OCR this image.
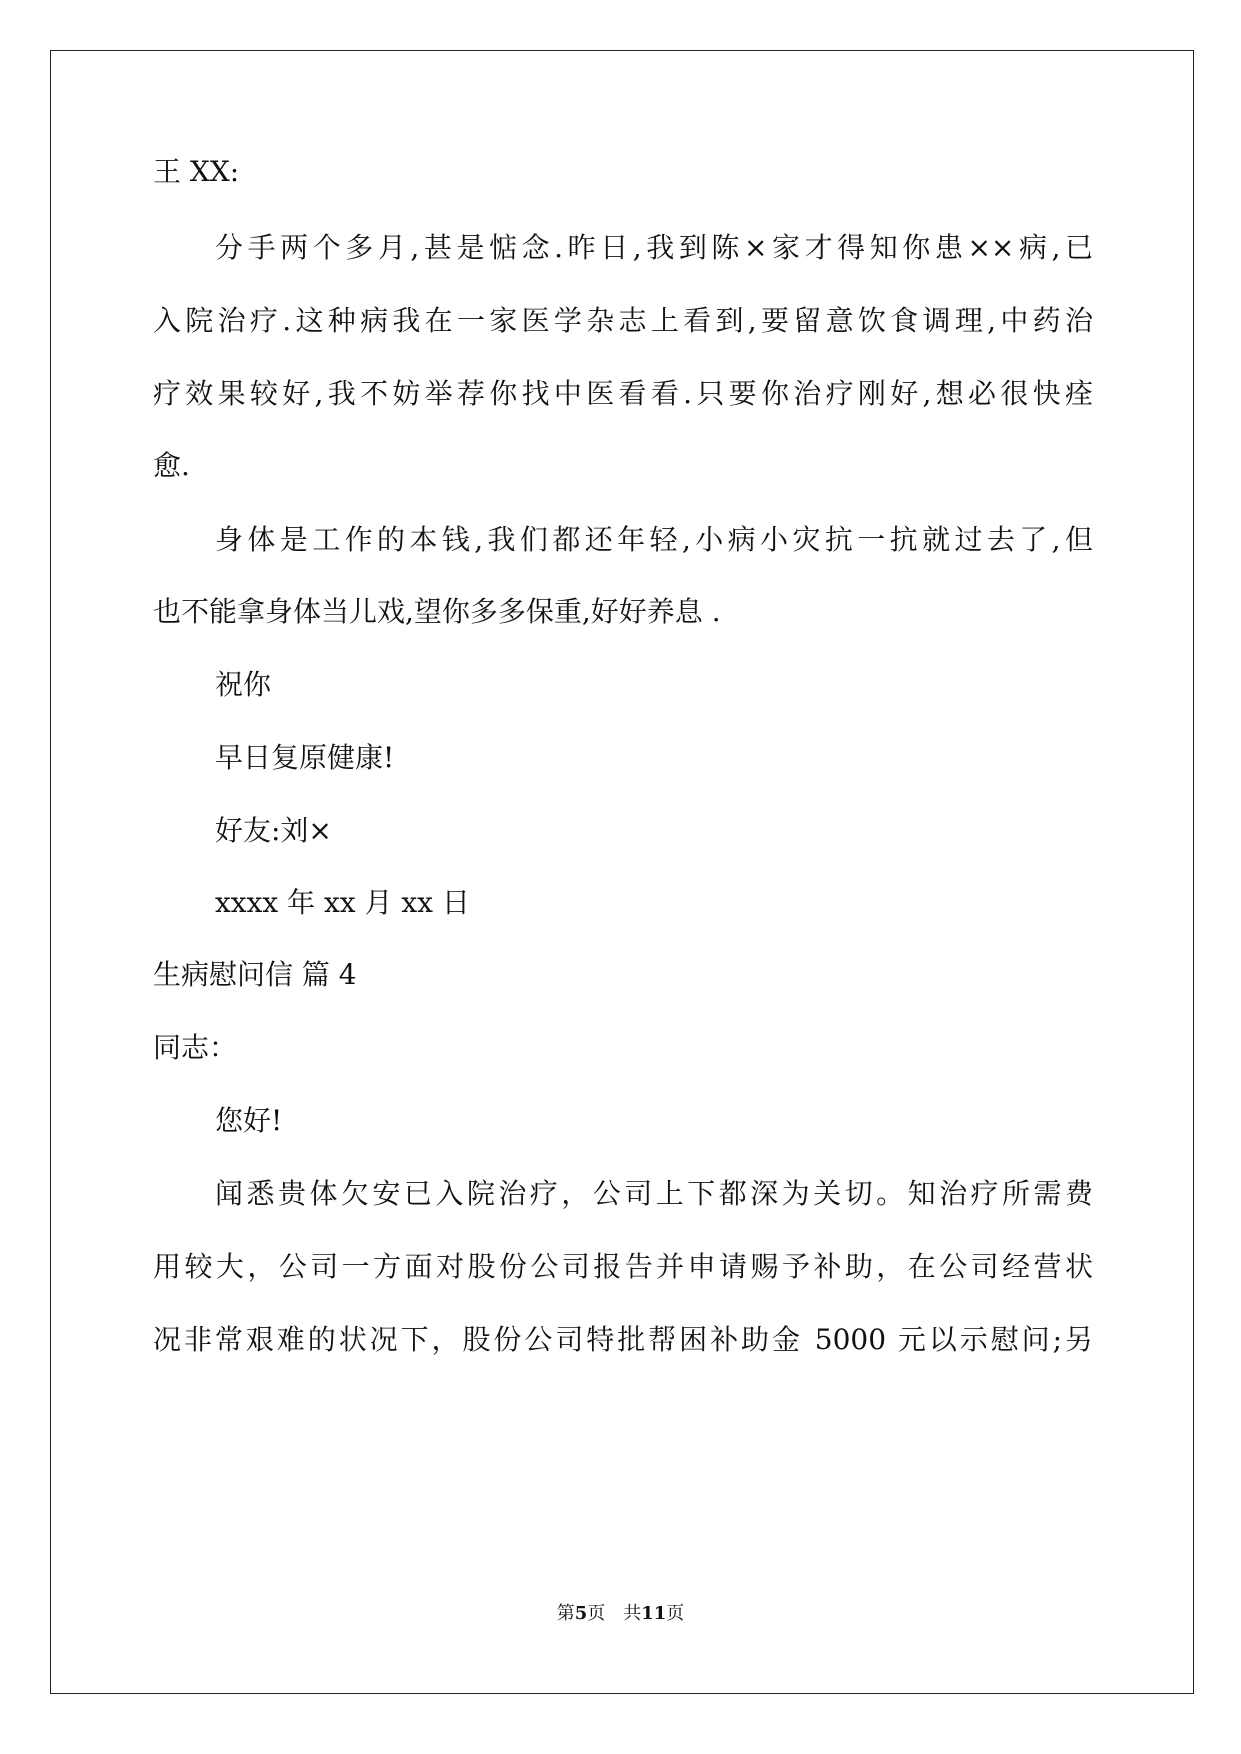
王 XX:
分手两个多月,甚是惦念.昨日,我到陈×家才得知你患××病,已
入院治疗.这种病我在一家医学杂志上看到,要留意饮食调理,中药治
疗效果较好,我不妨举荐你找中医看看.只要你治疗刚好,想必很快痊
愈.
身体是工作的本钱,我们都还年轻,小病小灾抗一抗就过去了,但
也不能拿身体当儿戏,望你多多保重,好好养息 .
祝你
早日复原健康!
好友:刘×
xxxx 年 xx 月 xx 日
生病慰问信 篇 4
同志：
您好!
闻悉贵体欠安已入院治疗，公司上下都深为关切。知治疗所需费
用较大，公司一方面对股份公司报告并申请赐予补助，在公司经营状
况非常艰难的状况下，股份公司特批帮困补助金 5000 元以示慰问;另
第5页　共11页
